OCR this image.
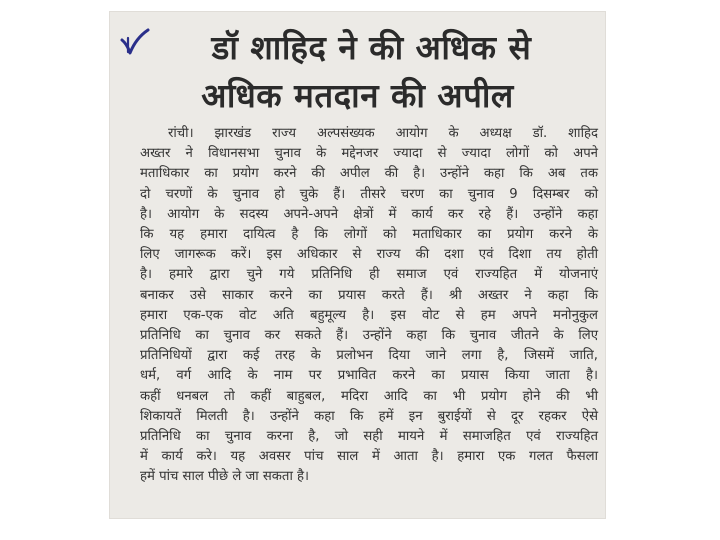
डॉ शाहिद ने की अधिक से
अधिक मतदान की अपील
रांची। झारखंड राज्य अल्पसंख्यक आयोग के अध्यक्ष डॉ. शाहिद
अख्तर ने विधानसभा चुनाव के मद्देनजर ज्यादा से ज्यादा लोगों को अपने
मताधिकार का प्रयोग करने की अपील की है। उन्होंने कहा कि अब तक
दो चरणों के चुनाव हो चुके हैं। तीसरे चरण का चुनाव 9 दिसम्बर को
है। आयोग के सदस्य अपने-अपने क्षेत्रों में कार्य कर रहे हैं। उन्होंने कहा
कि यह हमारा दायित्व है कि लोगों को मताधिकार का प्रयोग करने के
लिए जागरूक करें। इस अधिकार से राज्य की दशा एवं दिशा तय होती
है। हमारे द्वारा चुने गये प्रतिनिधि ही समाज एवं राज्यहित में योजनाएं
बनाकर उसे साकार करने का प्रयास करते हैं। श्री अख्तर ने कहा कि
हमारा एक-एक वोट अति बहुमूल्य है। इस वोट से हम अपने मनोनुकुल
प्रतिनिधि का चुनाव कर सकते हैं। उन्होंने कहा कि चुनाव जीतने के लिए
प्रतिनिधियों द्वारा कई तरह के प्रलोभन दिया जाने लगा है, जिसमें जाति,
धर्म, वर्ग आदि के नाम पर प्रभावित करने का प्रयास किया जाता है।
कहीं धनबल तो कहीं बाहुबल, मदिरा आदि का भी प्रयोग होने की भी
शिकायतें मिलती है। उन्होंने कहा कि हमें इन बुराईयों से दूर रहकर ऐसे
प्रतिनिधि का चुनाव करना है, जो सही मायने में समाजहित एवं राज्यहित
में कार्य करे। यह अवसर पांच साल में आता है। हमारा एक गलत फैसला
हमें पांच साल पीछे ले जा सकता है।
